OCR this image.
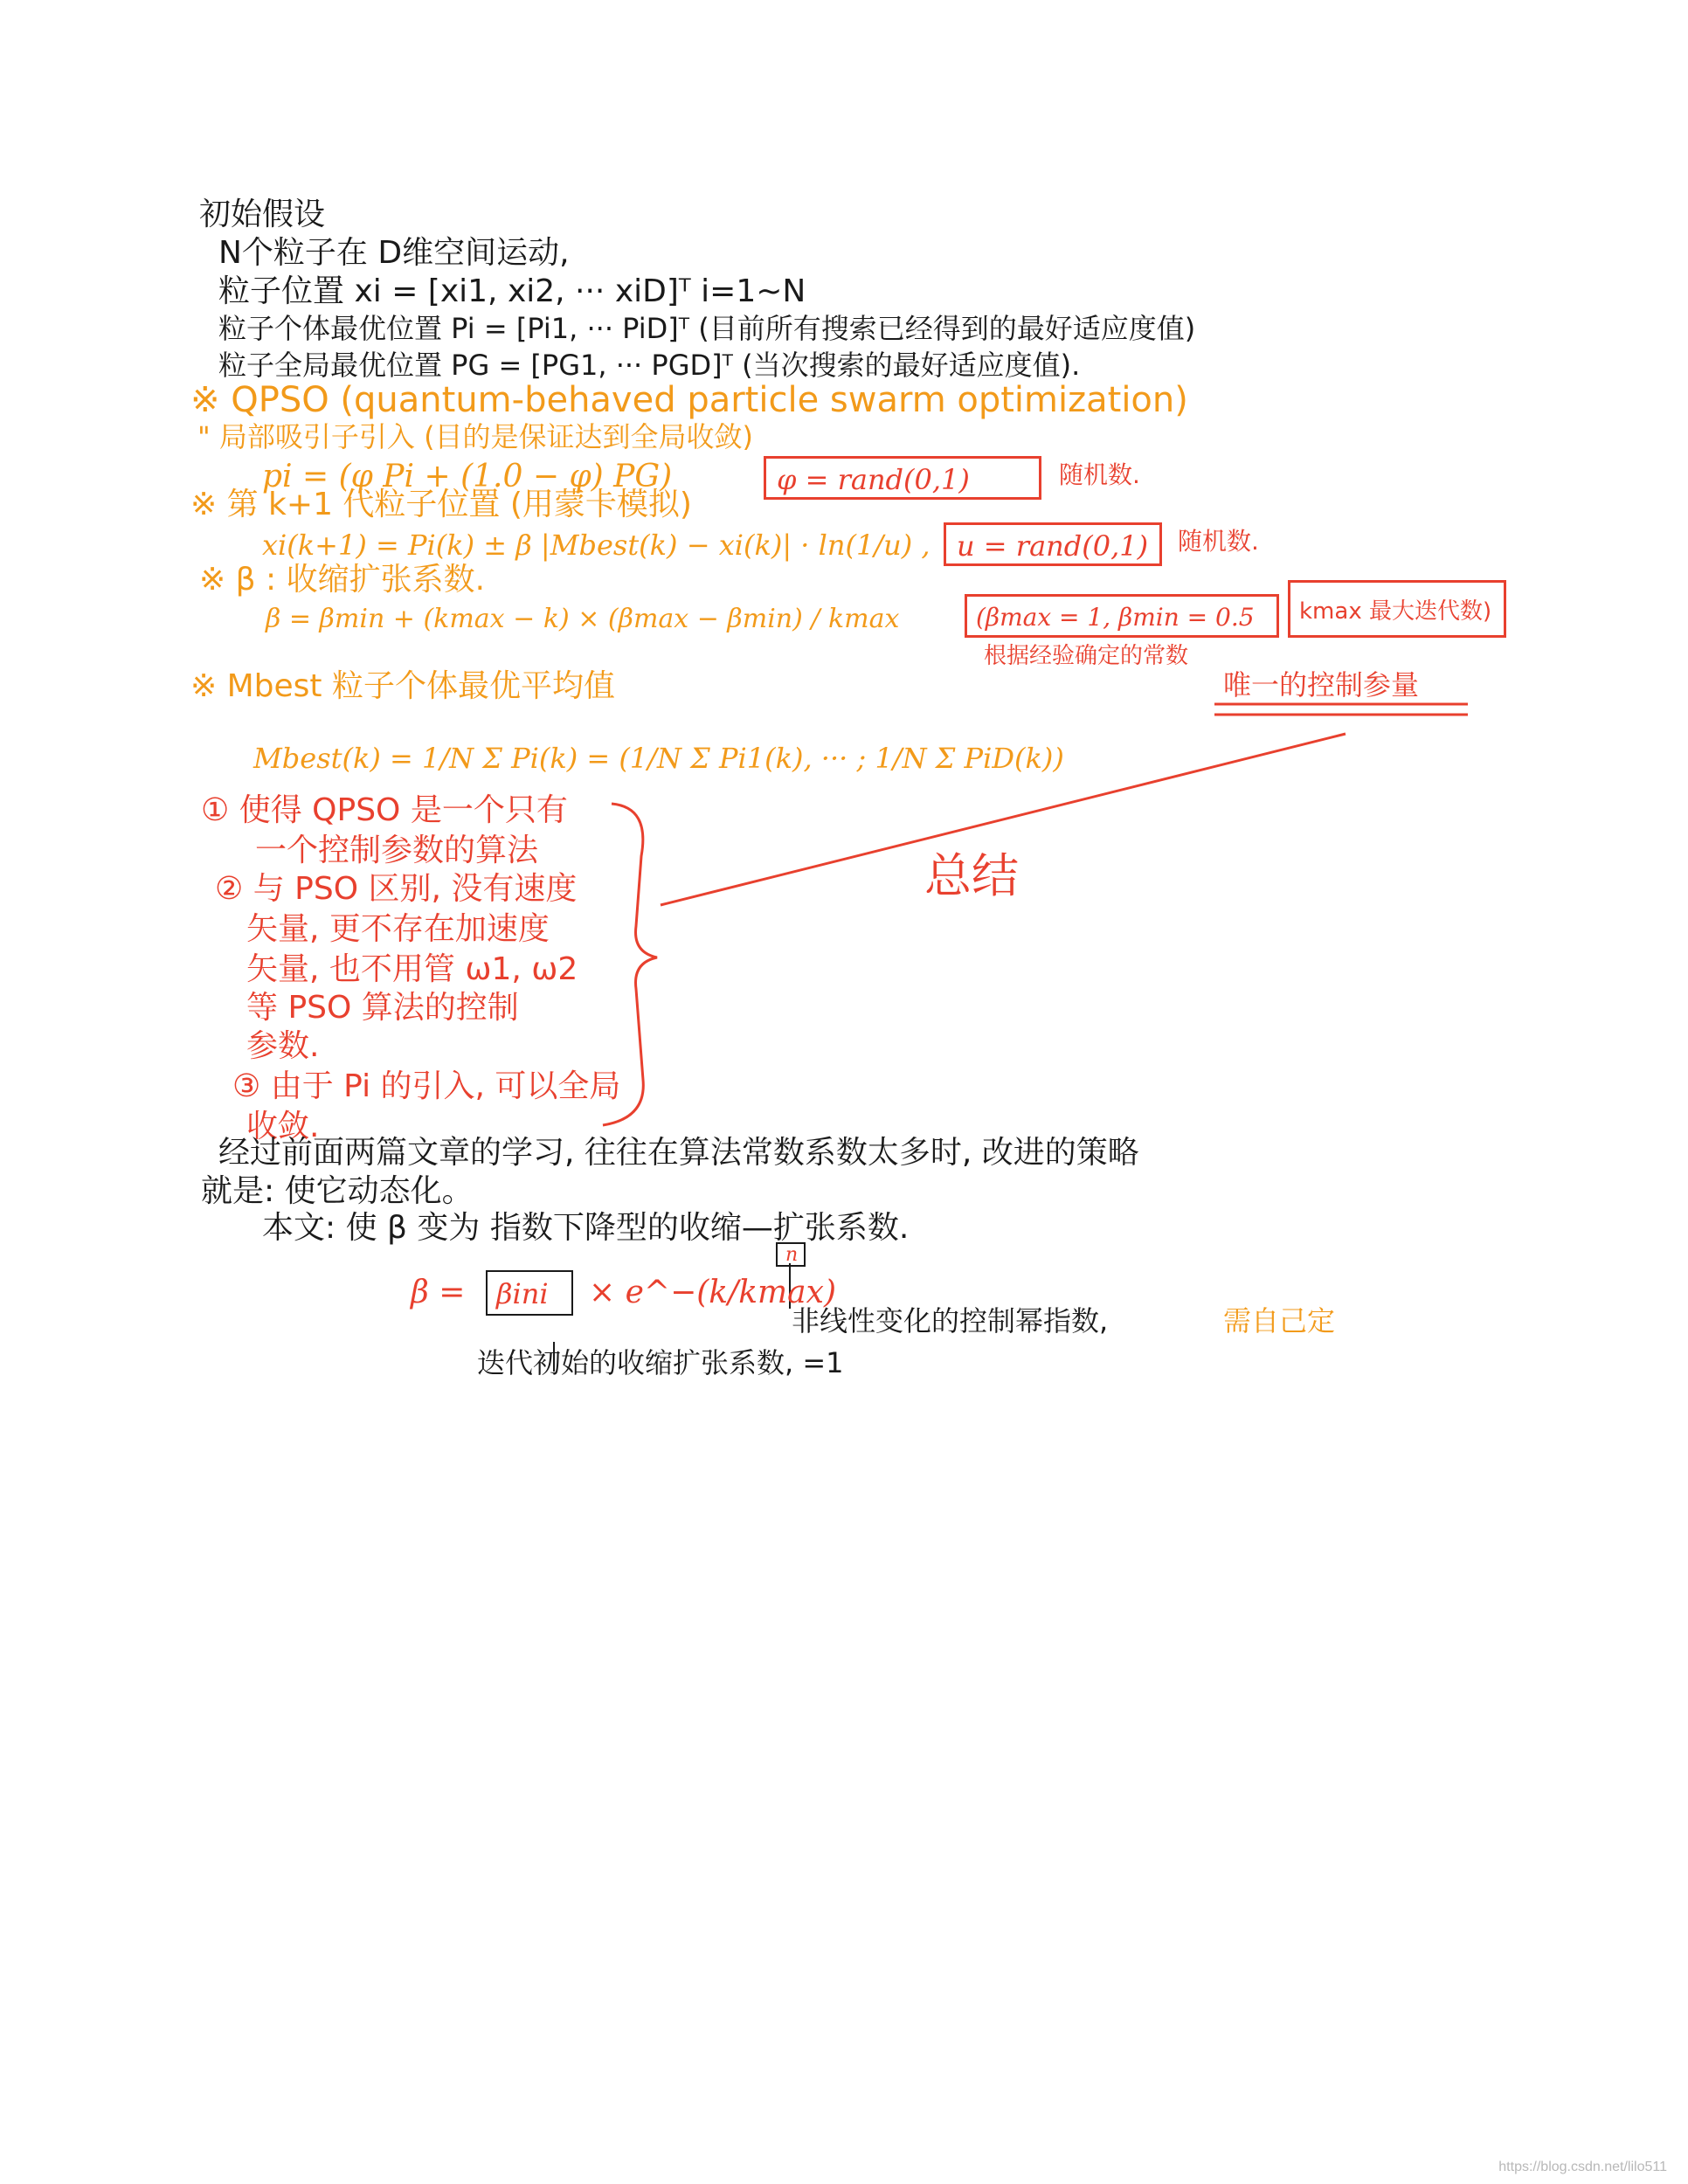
初始假设
N个粒子在 D维空间运动,
粒子位置 xi = [xi1, xi2, ··· xiD]ᵀ i=1~N
粒子个体最优位置 Pi = [Pi1, ··· PiD]ᵀ (目前所有搜索已经得到的最好适应度值)
粒子全局最优位置 PG = [PG1, ··· PGD]ᵀ (当次搜索的最好适应度值).
※ QPSO (quantum-behaved particle swarm optimization)
" 局部吸引子引入 (目的是保证达到全局收敛)
pi = (φ Pi + (1.0 − φ) PG)	φ = rand(0,1)	随机数.
※ 第 k+1 代粒子位置 (用蒙卡模拟)
xi(k+1) = Pi(k) ± β |Mbest(k) − xi(k)| · ln(1/u) , u = rand(0,1) 随机数.
※ β : 收缩扩张系数.
β = βmin + (kmax − k) × (βmax − βmin) / kmax	(βmax = 1, βmin = 0.5 kmax 最大迭代数)
根据经验确定的常数
唯一的控制参量
※ Mbest 粒子个体最优平均值
Mbest(k) = 1/N Σ Pi(k) = (1/N Σ Pi1(k), ··· ; 1/N Σ PiD(k))
① 使得 QPSO 是一个只有
一个控制参数的算法
② 与 PSO 区别, 没有速度
矢量, 更不存在加速度
矢量, 也不用管 ω1, ω2
等 PSO 算法的控制
参数.
③ 由于 Pi 的引入, 可以全局
收敛.
总结
经过前面两篇文章的学习, 往往在算法常数系数太多时, 改进的策略
就是: 使它动态化。
本文: 使 β 变为 指数下降型的收缩—扩张系数.
β = βini × e^−(k/kmax)
n
非线性变化的控制幂指数,	需自己定
迭代初始的收缩扩张系数, =1
https://blog.csdn.net/lilo511
